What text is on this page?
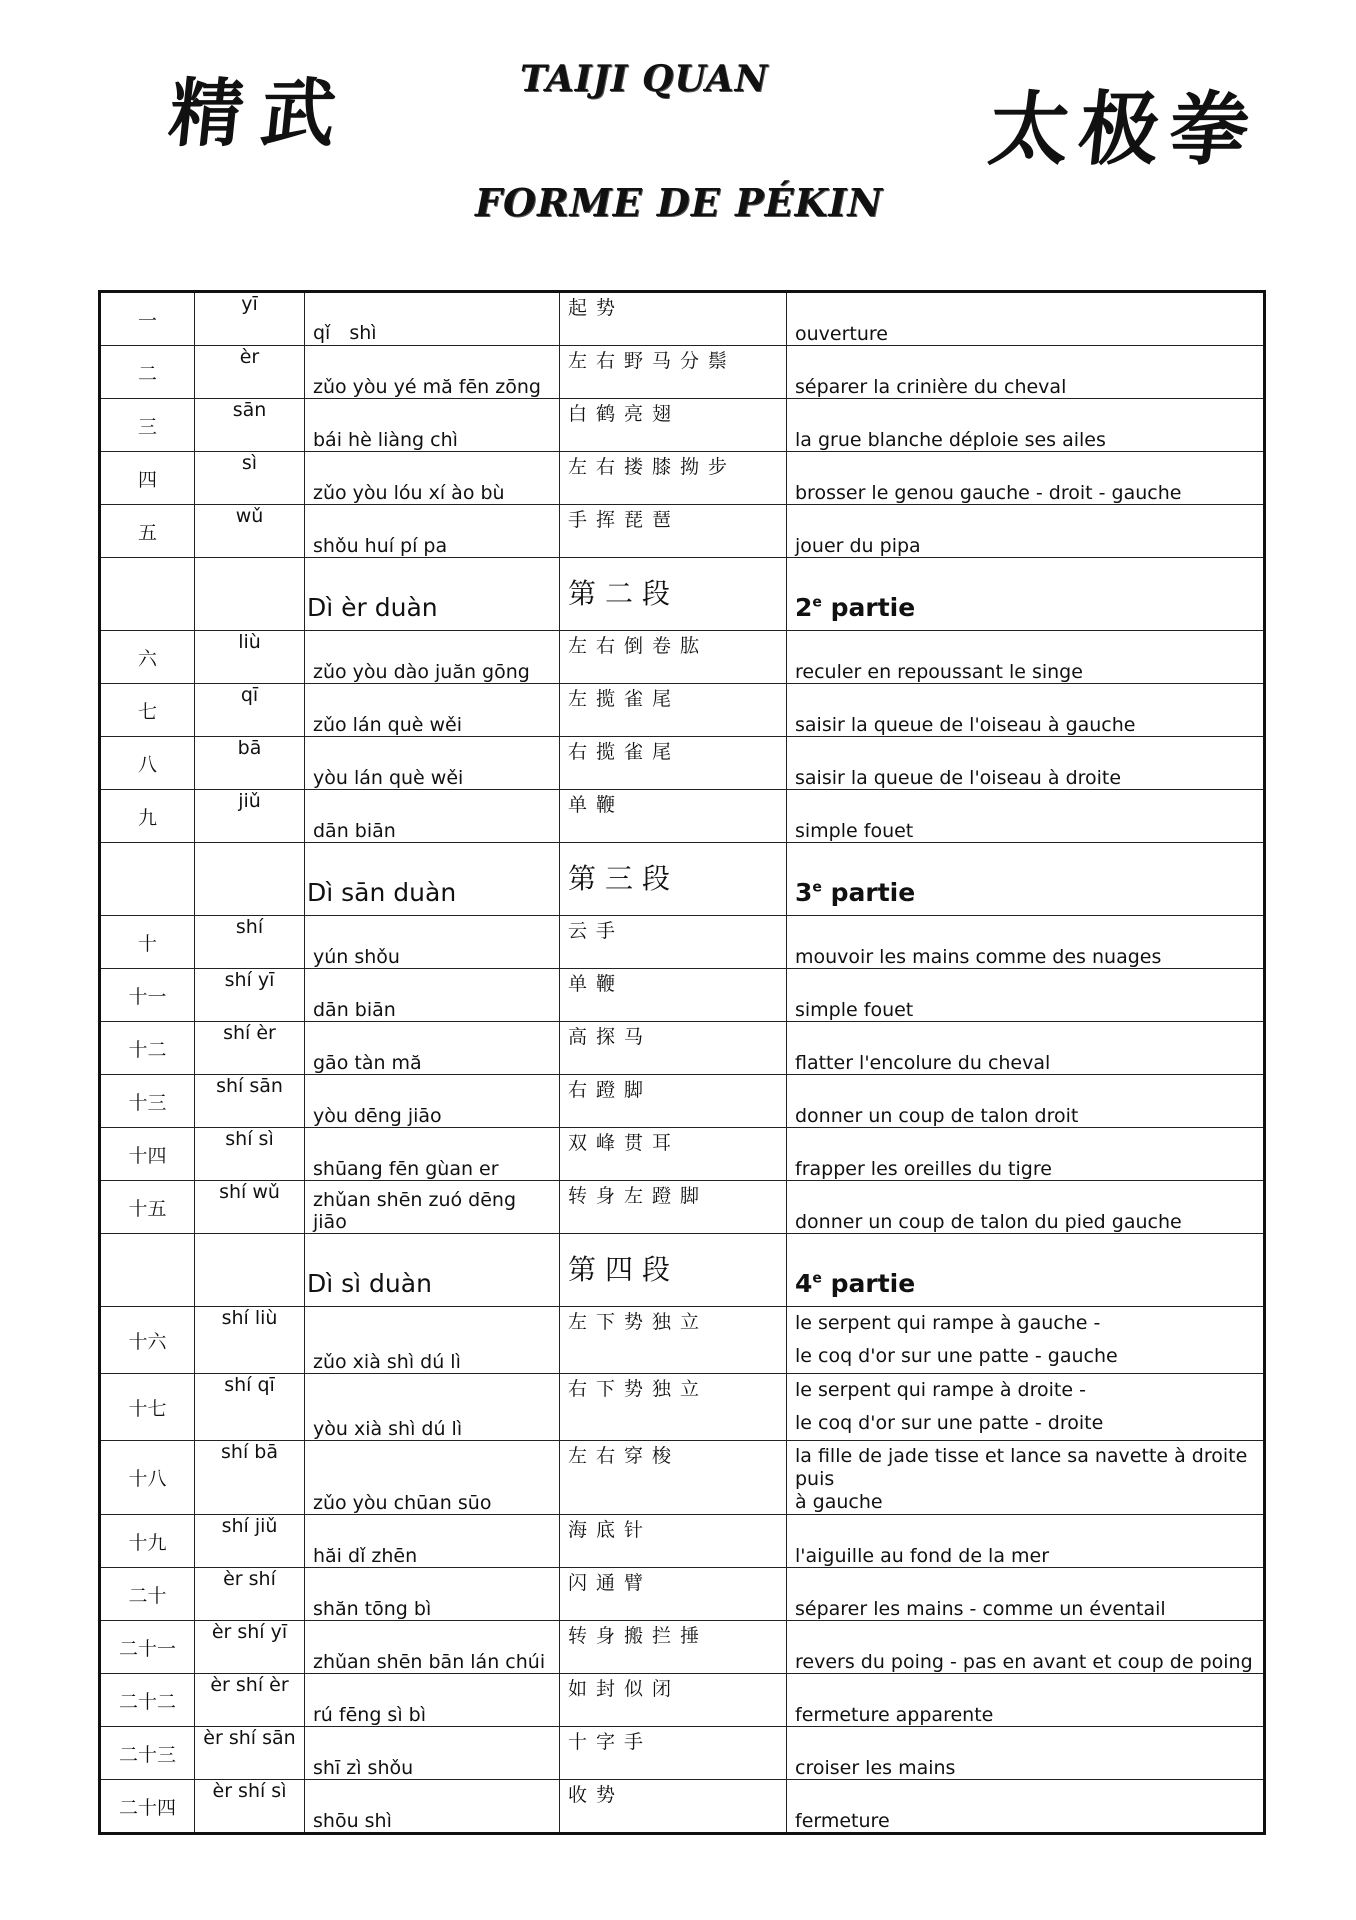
精武	TAIJI QUAN
太极拳
FORME DE PÉKIN
一	yī	qǐ　shì	起势	ouverture
二	èr	zǔo yòu yé mă fēn zōng	左右野马分鬃	séparer la crinière du cheval
三	sān	bái hè liàng chì	白鹤亮翅	la grue blanche déploie ses ailes
四	sì	zǔo yòu lóu xí ào bù	左右搂膝拗步	brosser le genou gauche - droit - gauche
五	wǔ	shǒu huí pí pa	手挥琵琶	jouer du pipa
		Dì èr duàn	第二段	2e partie
六	liù	zǔo yòu dào juăn gōng	左右倒卷肱	reculer en repoussant le singe
七	qī	zǔo lán què wěi	左揽雀尾	saisir la queue de l'oiseau à gauche
八	bā	yòu lán què wěi	右揽雀尾	saisir la queue de l'oiseau à droite
九	jiǔ	dān biān	单鞭	simple fouet
		Dì sān duàn	第三段	3e partie
十	shí	yún shǒu	云手	mouvoir les mains comme des nuages
十一	shí yī	dān biān	单鞭	simple fouet
十二	shí èr	gāo tàn mă	高探马	flatter l'encolure du cheval
十三	shí sān	yòu dēng jiāo	右蹬脚	donner un coup de talon droit
十四	shí sì	shūang fēn gùan er	双峰贯耳	frapper les oreilles du tigre
十五	shí wǔ	zhǔan shēn zuó dēng jiāo	转身左蹬脚	donner un coup de talon du pied gauche
		Dì sì duàn	第四段	4e partie
十六	shí liù	zǔo xià shì dú lì	左下势独立	le serpent qui rampe à gauche -
le coq d'or sur une patte - gauche

十七	shí qī	yòu xià shì dú lì	右下势独立	le serpent qui rampe à droite -
le coq d'or sur une patte - droite

十八	shí bā	zǔo yòu chūan sūo	左右穿梭	la fille de jade tisse et lance sa navette à droite puis
à gauche

十九	shí jiǔ	hăi dǐ zhēn	海底针	l'aiguille au fond de la mer
二十	èr shí	shăn tōng bì	闪通臂	séparer les mains - comme un éventail
二十一	èr shí yī	zhǔan shēn bān lán chúi	转身搬拦捶	revers du poing - pas en avant et coup de poing
二十二	èr shí èr	rú fēng sì bì	如封似闭	fermeture apparente
二十三	èr shí sān	shī zì shǒu	十字手	croiser les mains
二十四	èr shí sì	shōu shì	收势	fermeture
